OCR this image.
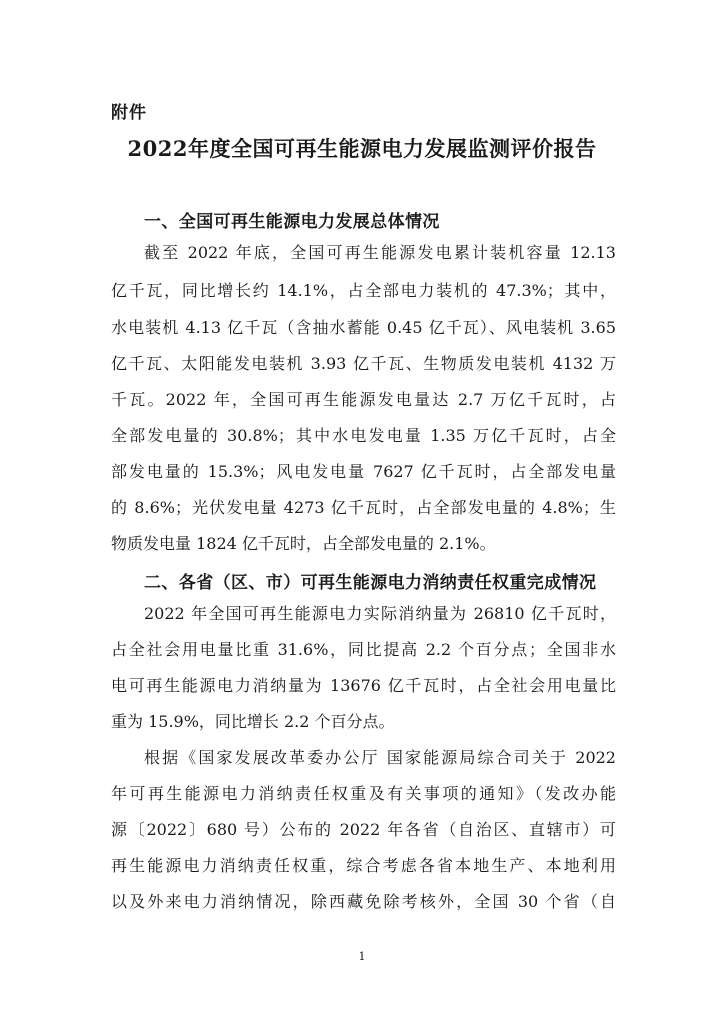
附件
2022年度全国可再生能源电力发展监测评价报告
一、全国可再生能源电力发展总体情况
截至 2022 年底，全国可再生能源发电累计装机容量 12.13
亿千瓦，同比增长约 14.1%，占全部电力装机的 47.3%；其中，
水电装机 4.13 亿千瓦（含抽水蓄能 0.45 亿千瓦）、风电装机 3.65
亿千瓦、太阳能发电装机 3.93 亿千瓦、生物质发电装机 4132 万
千瓦。2022 年，全国可再生能源发电量达 2.7 万亿千瓦时，占
全部发电量的 30.8%；其中水电发电量 1.35 万亿千瓦时，占全
部发电量的 15.3%；风电发电量 7627 亿千瓦时，占全部发电量
的 8.6%；光伏发电量 4273 亿千瓦时，占全部发电量的 4.8%；生
物质发电量 1824 亿千瓦时，占全部发电量的 2.1%。
二、各省（区、市）可再生能源电力消纳责任权重完成情况
2022 年全国可再生能源电力实际消纳量为 26810 亿千瓦时，
占全社会用电量比重 31.6%，同比提高 2.2 个百分点；全国非水
电可再生能源电力消纳量为 13676 亿千瓦时，占全社会用电量比
重为 15.9%，同比增长 2.2 个百分点。
根据《国家发展改革委办公厅 国家能源局综合司关于 2022
年可再生能源电力消纳责任权重及有关事项的通知》（发改办能
源〔2022〕680 号）公布的 2022 年各省（自治区、直辖市）可
再生能源电力消纳责任权重，综合考虑各省本地生产、本地利用
以及外来电力消纳情况，除西藏免除考核外，全国 30 个省（自
1
